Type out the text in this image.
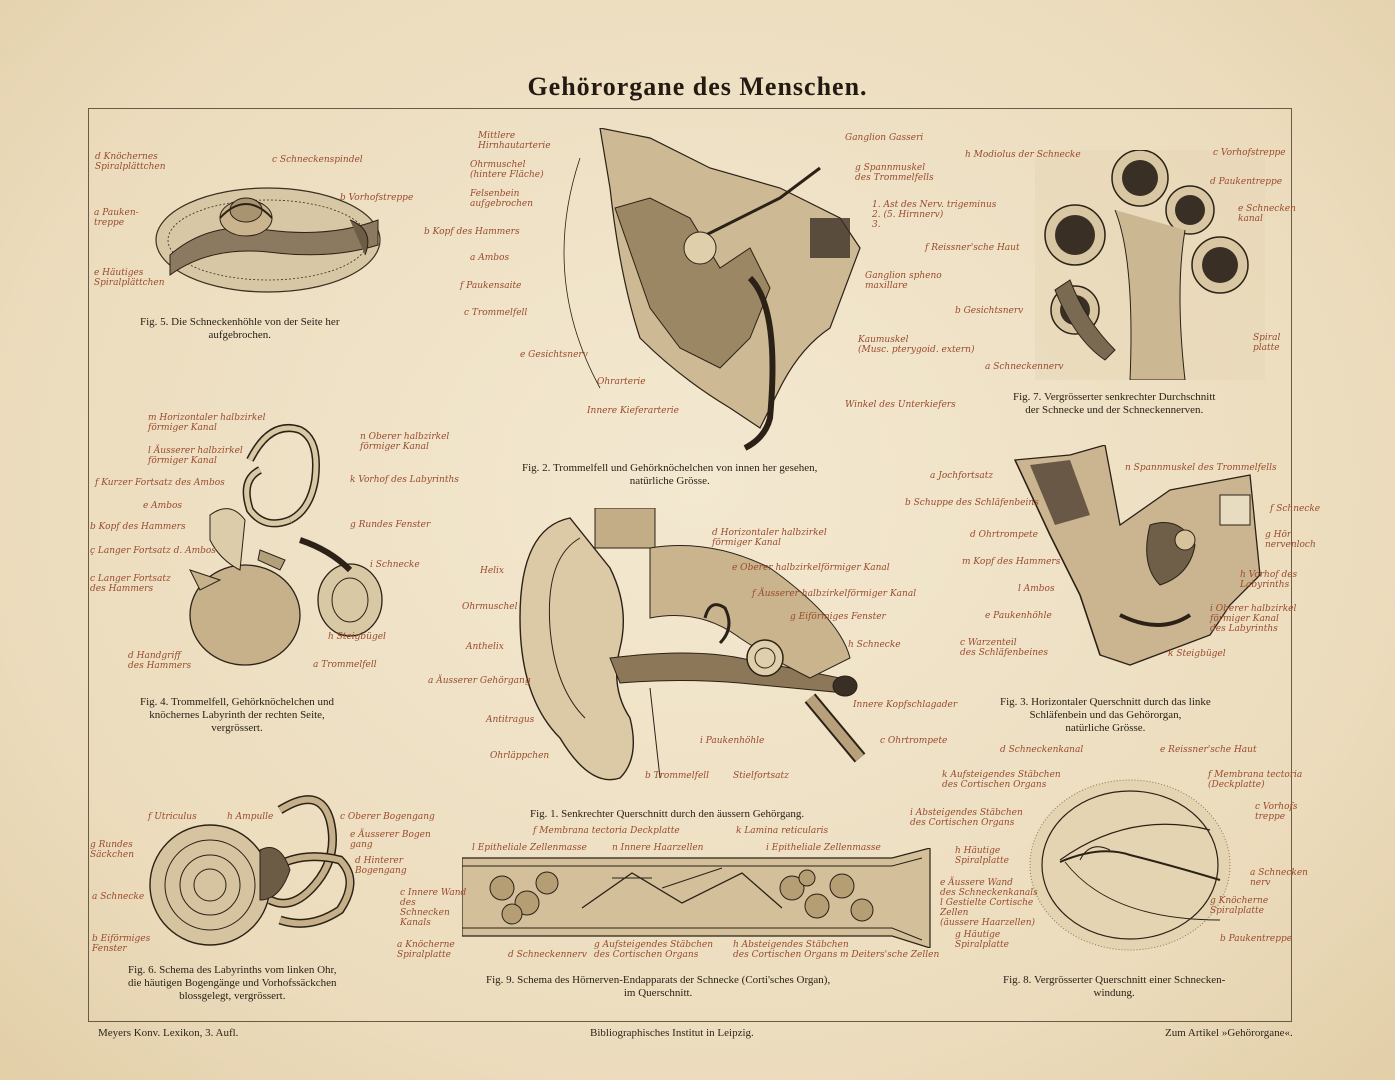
Gehörorgane des Menschen.
d Knöchernes
Spiralplättchen
c Schneckenspindel
b Vorhofstreppe
a Pauken-
treppe
e Häutiges
Spiralplättchen
Fig. 5. Die Schneckenhöhle von der Seite her
aufgebrochen.
Mittlere
Hirnhautarterie
Ohrmuschel
(hintere Fläche)
Felsenbein
aufgebrochen
b Kopf des Hammers
a Ambos
f Paukensaite
c Trommelfell
e Gesichtsnerv
Ohrarterie
Innere Kieferarterie
Ganglion Gasseri
g Spannmuskel
des Trommelfells
1. Ast des Nerv. trigeminus
2. (5. Hirnnerv)
3.
Ganglion spheno
maxillare
Kaumuskel
(Musc. pterygoid. extern)
Winkel des Unterkiefers
Fig. 2. Trommelfell und Gehörknöchelchen von innen her gesehen,
natürliche Grösse.
h Modiolus der Schnecke	c Vorhofstreppe
d Paukentreppe
e Schnecken
kanal
f Reissner'sche Haut
b Gesichtsnerv
Spiral
platte
a Schneckennerv
Fig. 7. Vergrösserter senkrechter Durchschnitt
der Schnecke und der Schneckennerven.
m Horizontaler halbzirkel
förmiger Kanal
n Oberer halbzirkel
förmiger Kanal
l Äusserer halbzirkel
förmiger Kanal
f Kurzer Fortsatz des Ambos	k Vorhof des Labyrinths
e Ambos
g Rundes Fenster
b Kopf des Hammers
ç Langer Fortsatz d. Ambos
i Schnecke
c Langer Fortsatz
des Hammers
h Steigbügel
d Handgriff
des Hammers	a Trommelfell
Fig. 4. Trommelfell, Gehörknöchelchen und
knöchernes Labyrinth der rechten Seite,
vergrössert.
a Jochfortsatz
n Spannmuskel des Trommelfells
b Schuppe des Schläfenbeins
f Schnecke
d Ohrtrompete	g Hör
nervenloch
m Kopf des Hammers
h Vorhof des
Labyrinths
l Ambos
e Paukenhöhle
i Oberer halbzirkel
förmiger Kanal
des Labyrinths
c Warzenteil
des Schläfenbeines	k Steigbügel
Fig. 3. Horizontaler Querschnitt durch das linke
Schläfenbein und das Gehörorgan,
natürliche Grösse.
d Horizontaler halbzirkel
förmiger Kanal
Helix	e Oberer halbzirkelförmiger Kanal
f Äusserer halbzirkelförmiger Kanal
Ohrmuschel
g Eiförmiges Fenster
Anthelix	h Schnecke
a Äusserer Gehörgang
Innere Kopfschlagader
Antitragus
i Paukenhöhle	c Ohrtrompete
Ohrläppchen
b Trommelfell	Stielfortsatz
Fig. 1. Senkrechter Querschnitt durch den äussern Gehörgang.
f Utriculus	h Ampulle	c Oberer Bogengang
g Rundes
Säckchen
e Äusserer Bogen
gang
d Hinterer
Bogengang
a Schnecke
b Eiförmiges
Fenster
Fig. 6. Schema des Labyrinths vom linken Ohr,
die häutigen Bogengänge und Vorhofssäckchen
blossgelegt, vergrössert.
f Membrana tectoria Deckplatte	k Lamina reticularis
l Epitheliale Zellenmasse	n Innere Haarzellen	i Epitheliale Zellenmasse
c Innere Wand
des
Schnecken
Kanals
a Knöcherne
Spiralplatte	d Schneckennerv
g Aufsteigendes Stäbchen
des Cortischen Organs
h Absteigendes Stäbchen
des Cortischen Organs m Deiters'sche Zellen
Fig. 9. Schema des Hörnerven-Endapparats der Schnecke (Corti'sches Organ),
im Querschnitt.
d Schneckenkanal	e Reissner'sche Haut
k Aufsteigendes Stäbchen
des Cortischen Organs
f Membrana tectoria
(Deckplatte)
i Absteigendes Stäbchen
des Cortischen Organs
c Vorhofs
treppe
h Häutige
Spiralplatte
a Schnecken
nerv
e Äussere Wand
des Schneckenkanals
l Gestielte Cortische
Zellen
(äussere Haarzellen)
g Knöcherne
Spiralplatte
g Häutige
Spiralplatte
b Paukentreppe
Fig. 8. Vergrösserter Querschnitt einer Schnecken-
windung.
Meyers Konv. Lexikon, 3. Aufl.	Bibliographisches Institut in Leipzig.	Zum Artikel »Gehörorgane«.
